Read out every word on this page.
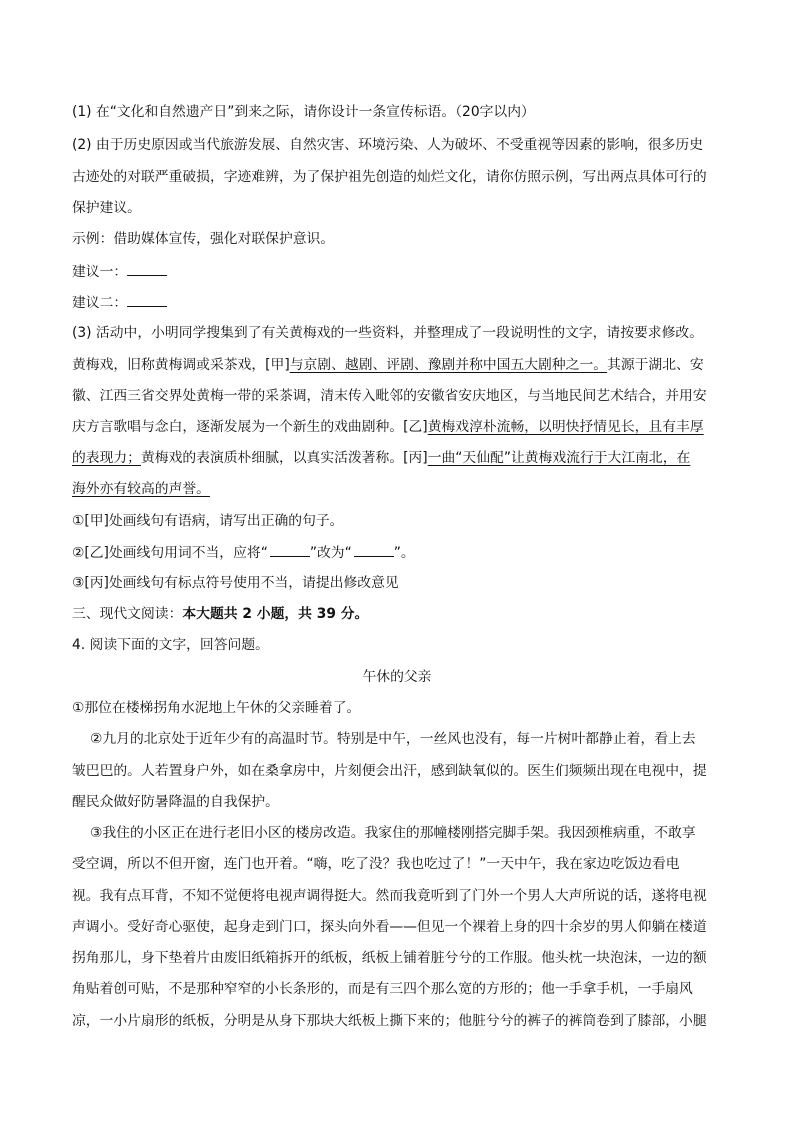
(1) 在“文化和自然遗产日”到来之际，请你设计一条宣传标语。（20字以内）
(2) 由于历史原因或当代旅游发展、自然灾害、环境污染、人为破坏、不受重视等因素的影响，很多历史
古迹处的对联严重破损，字迹难辨，为了保护祖先创造的灿烂文化，请你仿照示例，写出两点具体可行的
保护建议。
示例：借助媒体宣传，强化对联保护意识。
建议一：
建议二：
(3) 活动中，小明同学搜集到了有关黄梅戏的一些资料，并整理成了一段说明性的文字，请按要求修改。
黄梅戏，旧称黄梅调或采茶戏，[甲]与京剧、越剧、评剧、豫剧并称中国五大剧种之一。其源于湖北、安
徽、江西三省交界处黄梅一带的采茶调，清末传入毗邻的安徽省安庆地区，与当地民间艺术结合，并用安
庆方言歌唱与念白，逐渐发展为一个新生的戏曲剧种。[乙]黄梅戏淳朴流畅，以明快抒情见长，且有丰厚
的表现力；黄梅戏的表演质朴细腻，以真实活泼著称。[丙]一曲“天仙配”让黄梅戏流行于大江南北，在
海外亦有较高的声誉。
①[甲]处画线句有语病，请写出正确的句子。
②[乙]处画线句用词不当，应将“	”改为“	”。
③[丙]处画线句有标点符号使用不当，请提出修改意见
三、现代文阅读：本大题共 2 小题，共 39 分。
4. 阅读下面的文字，回答问题。
午休的父亲
①那位在楼梯拐角水泥地上午休的父亲睡着了。
②九月的北京处于近年少有的高温时节。特别是中午，一丝风也没有，每一片树叶都静止着，看上去
皱巴巴的。人若置身户外，如在桑拿房中，片刻便会出汗，感到缺氧似的。医生们频频出现在电视中，提
醒民众做好防暑降温的自我保护。
③我住的小区正在进行老旧小区的楼房改造。我家住的那幢楼刚搭完脚手架。我因颈椎病重，不敢享
受空调，所以不但开窗，连门也开着。“嗨，吃了没？我也吃过了！”一天中午，我在家边吃饭边看电
视。我有点耳背，不知不觉便将电视声调得挺大。然而我竟听到了门外一个男人大声所说的话，遂将电视
声调小。受好奇心驱使，起身走到门口，探头向外看——但见一个裸着上身的四十余岁的男人仰躺在楼道
拐角那儿，身下垫着片由废旧纸箱拆开的纸板，纸板上铺着脏兮兮的工作服。他头枕一块泡沫，一边的额
角贴着创可贴，不是那种窄窄的小长条形的，而是有三四个那么宽的方形的；他一手拿手机，一手扇风
凉，一小片扇形的纸板，分明是从身下那块大纸板上撕下来的；他脏兮兮的裤子的裤筒卷到了膝部，小腿
